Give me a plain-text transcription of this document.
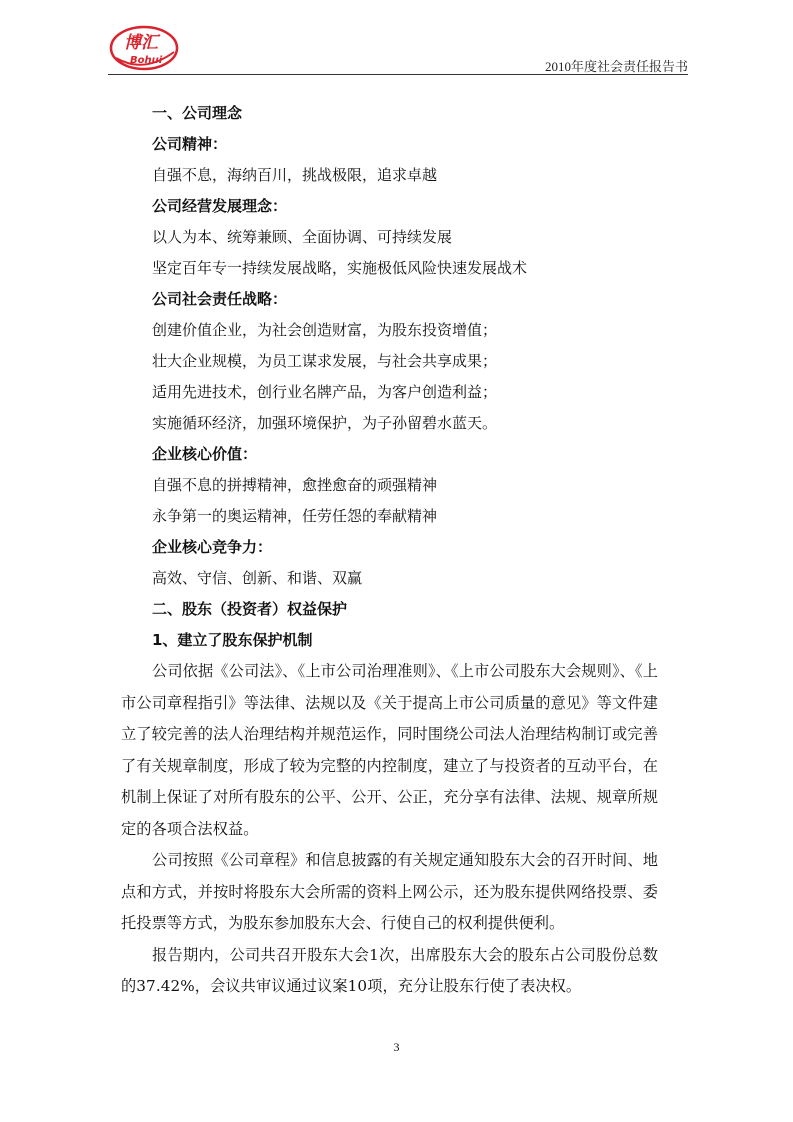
博汇
Bohui	2010年度社会责任报告书
一、公司理念
公司精神：
自强不息，海纳百川，挑战极限，追求卓越
公司经营发展理念：
以人为本、统筹兼顾、全面协调、可持续发展
坚定百年专一持续发展战略，实施极低风险快速发展战术
公司社会责任战略：
创建价值企业，为社会创造财富，为股东投资增值；
壮大企业规模，为员工谋求发展，与社会共享成果；
适用先进技术，创行业名牌产品，为客户创造利益；
实施循环经济，加强环境保护，为子孙留碧水蓝天。
企业核心价值：
自强不息的拼搏精神，愈挫愈奋的顽强精神
永争第一的奥运精神，任劳任怨的奉献精神
企业核心竞争力：
高效、守信、创新、和谐、双赢
二、股东（投资者）权益保护
1、建立了股东保护机制
公司依据《公司法》、《上市公司治理准则》、《上市公司股东大会规则》、《上市公司章程指引》等法律、法规以及《关于提高上市公司质量的意见》等文件建立了较完善的法人治理结构并规范运作，同时围绕公司法人治理结构制订或完善了有关规章制度，形成了较为完整的内控制度，建立了与投资者的互动平台，在机制上保证了对所有股东的公平、公开、公正，充分享有法律、法规、规章所规定的各项合法权益。
公司按照《公司章程》和信息披露的有关规定通知股东大会的召开时间、地点和方式，并按时将股东大会所需的资料上网公示，还为股东提供网络投票、委托投票等方式，为股东参加股东大会、行使自己的权利提供便利。
报告期内，公司共召开股东大会1次，出席股东大会的股东占公司股份总数的37.42%，会议共审议通过议案10项，充分让股东行使了表决权。
3
